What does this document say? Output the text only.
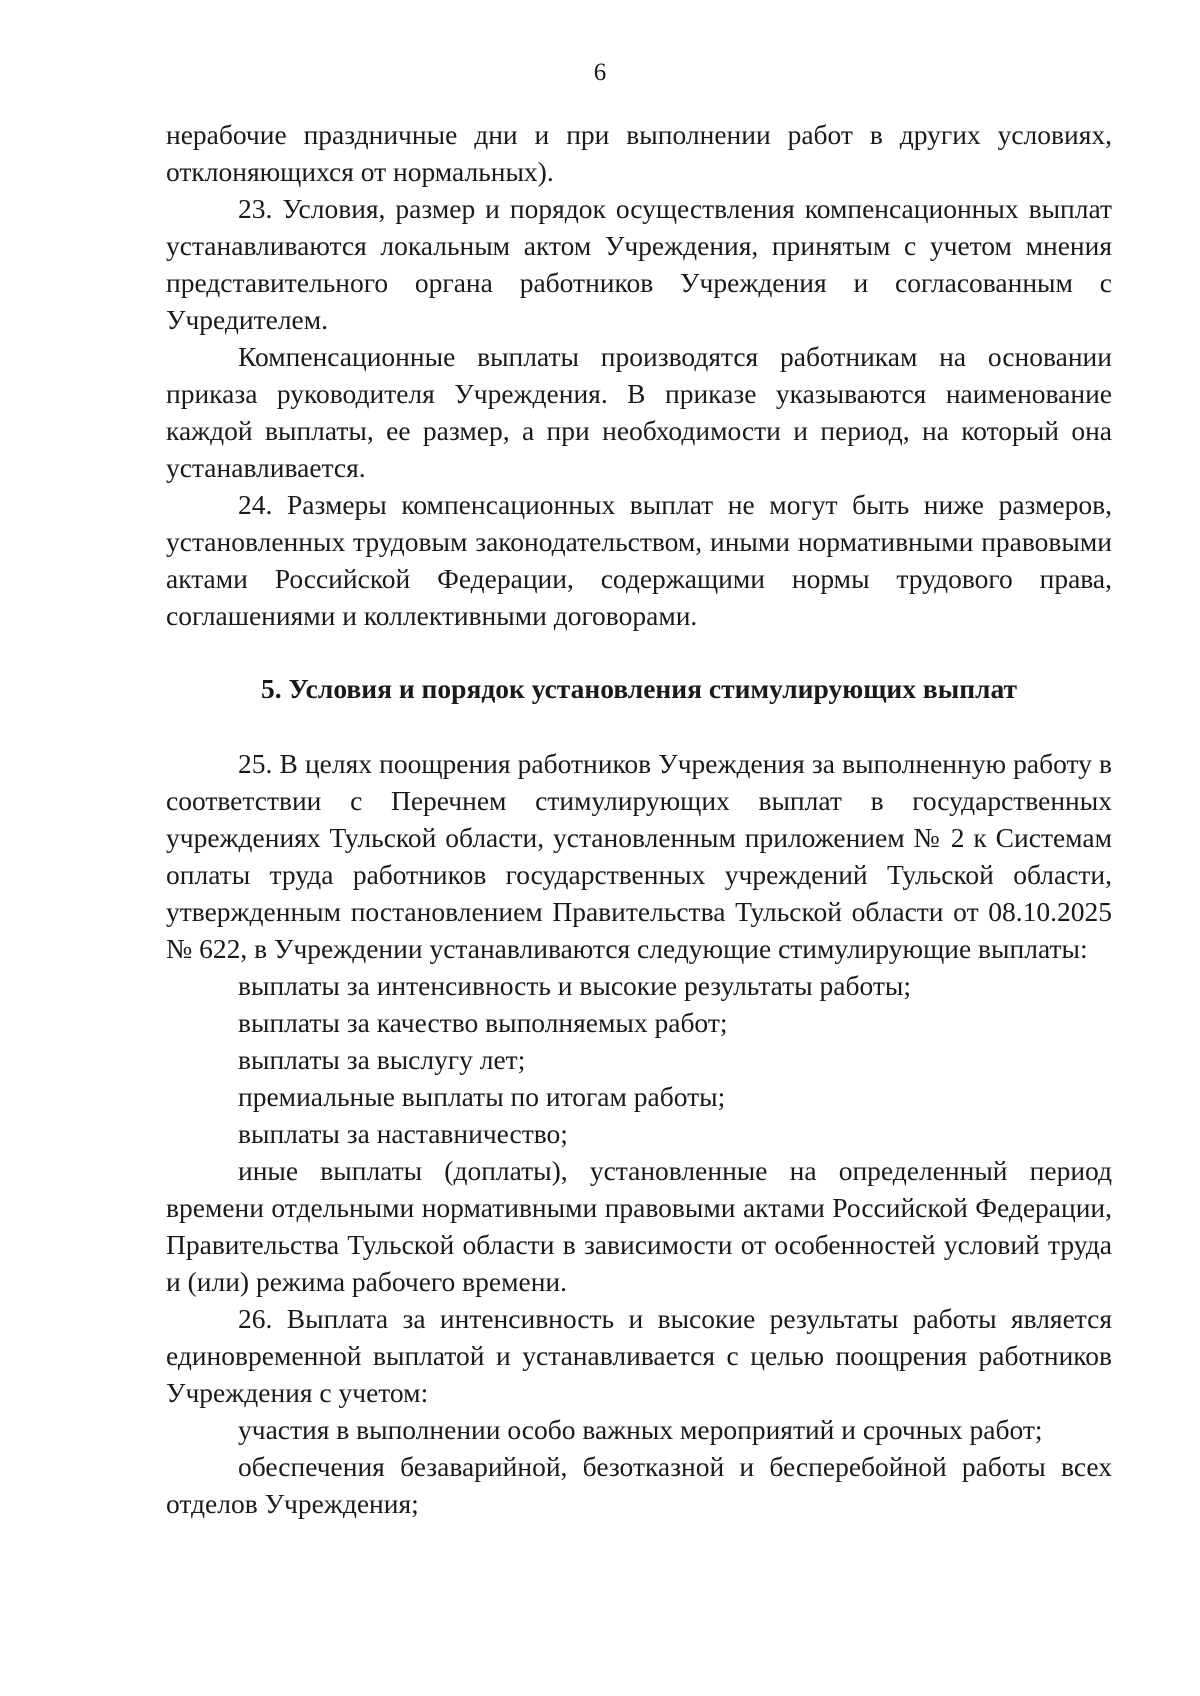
6

нерабочие праздничные дни и при выполнении работ в других условиях, отклоняющихся от нормальных).

23. Условия, размер и порядок осуществления компенсационных выплат устанавливаются локальным актом Учреждения, принятым с учетом мнения представительного органа работников Учреждения и согласованным с Учредителем.

Компенсационные выплаты производятся работникам на основании приказа руководителя Учреждения. В приказе указываются наименование каждой выплаты, ее размер, а при необходимости и период, на который она устанавливается.

24. Размеры компенсационных выплат не могут быть ниже размеров, установленных трудовым законодательством, иными нормативными правовыми актами Российской Федерации, содержащими нормы трудового права, соглашениями и коллективными договорами.

5. Условия и порядок установления стимулирующих выплат

25. В целях поощрения работников Учреждения за выполненную работу в соответствии с Перечнем стимулирующих выплат в государственных учреждениях Тульской области, установленным приложением № 2 к Системам оплаты труда работников государственных учреждений Тульской области, утвержденным постановлением Правительства Тульской области от 08.10.2025 № 622, в Учреждении устанавливаются следующие стимулирующие выплаты:

выплаты за интенсивность и высокие результаты работы;

выплаты за качество выполняемых работ;

выплаты за выслугу лет;

премиальные выплаты по итогам работы;

выплаты за наставничество;

иные выплаты (доплаты), установленные на определенный период времени отдельными нормативными правовыми актами Российской Федерации, Правительства Тульской области в зависимости от особенностей условий труда и (или) режима рабочего времени.

26. Выплата за интенсивность и высокие результаты работы является единовременной выплатой и устанавливается с целью поощрения работников Учреждения с учетом:

участия в выполнении особо важных мероприятий и срочных работ;

обеспечения безаварийной, безотказной и бесперебойной работы всех отделов Учреждения;
